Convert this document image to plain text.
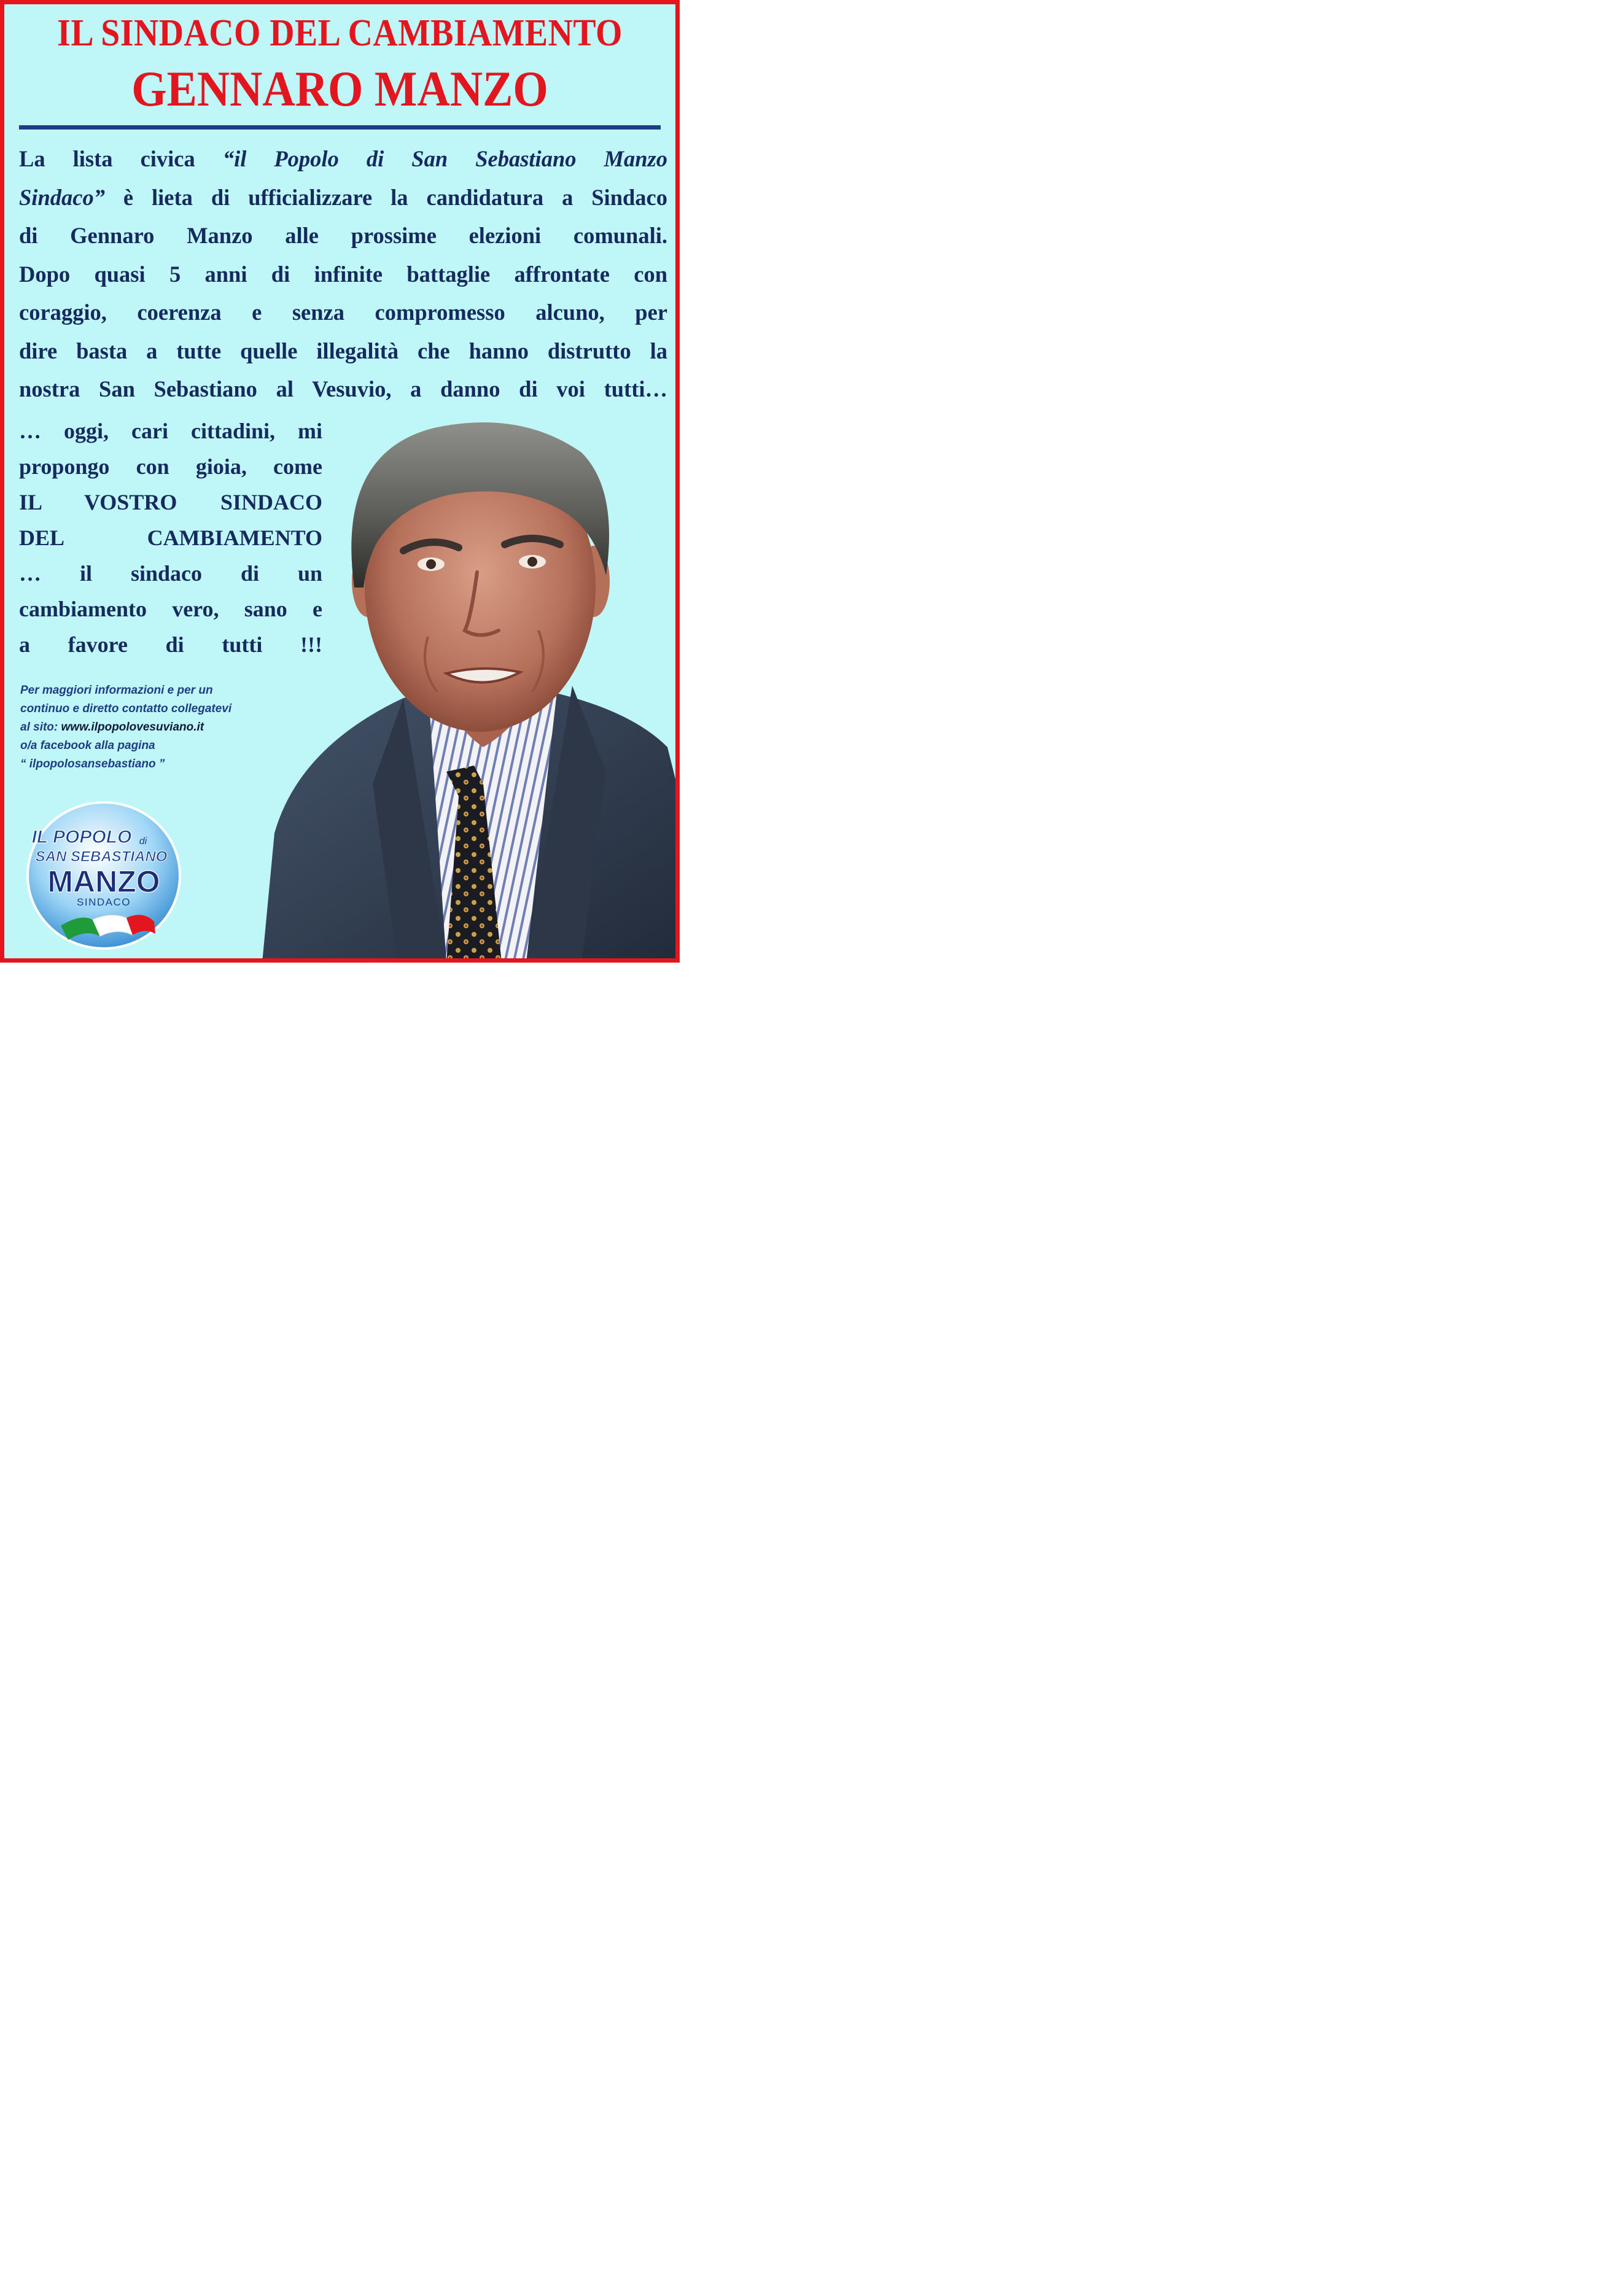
IL SINDACO DEL CAMBIAMENTO
GENNARO MANZO

La lista civica “il Popolo di San Sebastiano Manzo
Sindaco” è lieta di ufficializzare la candidatura a Sindaco
di Gennaro Manzo alle prossime elezioni comunali.
Dopo quasi 5 anni di infinite battaglie affrontate con
coraggio, coerenza e senza compromesso alcuno, per
dire basta a tutte quelle illegalità che hanno distrutto la
nostra San Sebastiano al Vesuvio, a danno di voi tutti…

… oggi, cari cittadini, mi
propongo con gioia, come
IL VOSTRO SINDACO
DEL CAMBIAMENTO
… il sindaco di un
cambiamento vero, sano e
a favore di tutti !!!

Per maggiori informazioni e per un
continuo e diretto contatto collegatevi
al sito: www.ilpopolovesuviano.it
o/a facebook alla pagina
“ ilpopolosansebastiano ”

IL POPOLO di
SAN SEBASTIANO
MANZO
SINDACO
